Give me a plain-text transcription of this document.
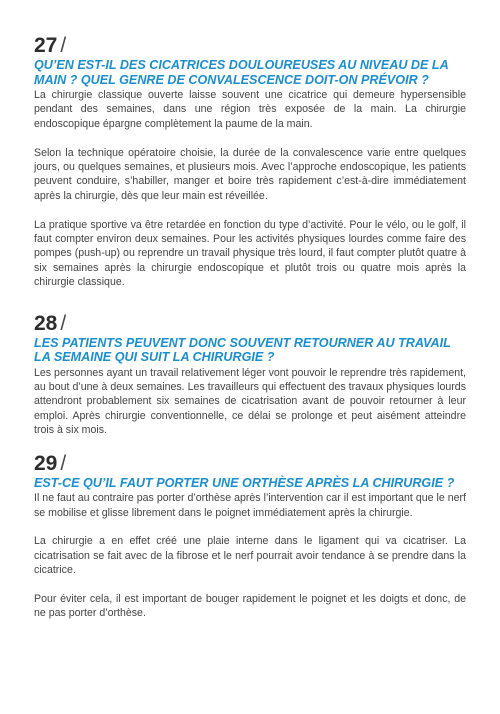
27 /
QU’EN EST-IL DES CICATRICES DOULOUREUSES AU NIVEAU DE LA MAIN ? QUEL GENRE DE CONVALESCENCE DOIT-ON PRÉVOIR ?

La chirurgie classique ouverte laisse souvent une cicatrice qui demeure hypersensible pendant des semaines, dans une région très exposée de la main. La chirurgie endoscopique épargne complètement la paume de la main.

Selon la technique opératoire choisie, la durée de la convalescence varie entre quelques jours, ou quelques semaines, et plusieurs mois. Avec l’approche endoscopique, les patients peuvent conduire, s’habiller, manger et boire très rapidement c’est-à-dire immédiatement après la chirurgie, dès que leur main est réveillée.

La pratique sportive va être retardée en fonction du type d’activité. Pour le vélo, ou le golf, il faut compter environ deux semaines. Pour les activités physiques lourdes comme faire des pompes (push-up) ou reprendre un travail physique très lourd, il faut compter plutôt quatre à six semaines après la chirurgie endoscopique et plutôt trois ou quatre mois après la chirurgie classique.

28 /
LES PATIENTS PEUVENT DONC SOUVENT RETOURNER AU TRAVAIL LA SEMAINE QUI SUIT LA CHIRURGIE ?

Les personnes ayant un travail relativement léger vont pouvoir le reprendre très rapidement, au bout d’une à deux semaines. Les travailleurs qui effectuent des travaux physiques lourds attendront probablement six semaines de cicatrisation avant de pouvoir retourner à leur emploi. Après chirurgie conventionnelle, ce délai se prolonge et peut aisément atteindre trois à six mois.

29 /
EST-CE QU’IL FAUT PORTER UNE ORTHÈSE APRÈS LA CHIRURGIE ?

Il ne faut au contraire pas porter d’orthèse après l’intervention car il est important que le nerf se mobilise et glisse librement dans le poignet immédiatement après la chirurgie.

La chirurgie a en effet créé une plaie interne dans le ligament qui va cicatriser. La cicatrisation se fait avec de la fibrose et le nerf pourrait avoir tendance à se prendre dans la cicatrice.

Pour éviter cela, il est important de bouger rapidement le poignet et les doigts et donc, de ne pas porter d’orthèse.
